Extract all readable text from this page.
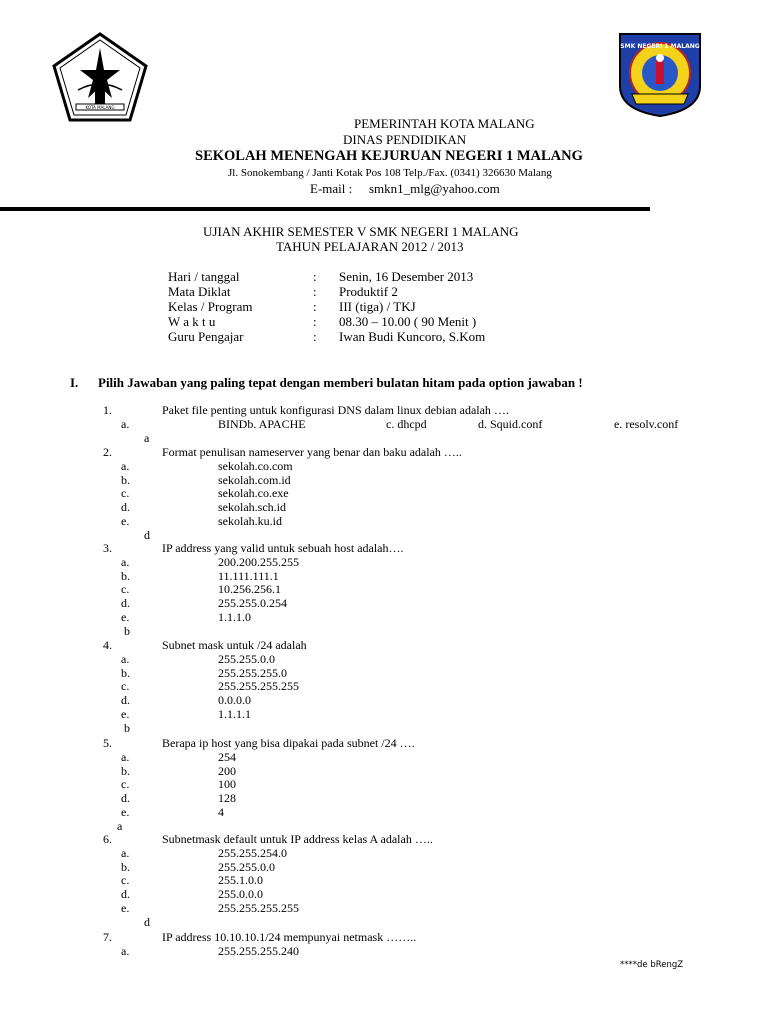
KOTA MALANG
SMK NEGERI 1 MALANG
PEMERINTAH KOTA MALANG
DINAS PENDIDIKAN
SEKOLAH MENENGAH KEJURUAN NEGERI 1 MALANG
Jl. Sonokembang / Janti Kotak Pos 108 Telp./Fax. (0341) 326630 Malang
E-mail : smkn1_mlg@yahoo.com
UJIAN AKHIR SEMESTER V SMK NEGERI 1 MALANG
TAHUN PELAJARAN 2012 / 2013
Hari / tanggal	: Senin, 16 Desember 2013
Mata Diklat	: Produktif 2
Kelas / Program	: III (tiga) / TKJ
W a k t u	: 08.30 – 10.00 ( 90 Menit )
Guru Pengajar	: Iwan Budi Kuncoro, S.Kom
I. Pilih Jawaban yang paling tepat dengan memberi bulatan hitam pada option jawaban !
1.	Paket file penting untuk konfigurasi DNS dalam linux debian adalah ….
a.	BINDb. APACHE	c. dhcpd	d. Squid.conf	e. resolv.conf
a
2.	Format penulisan nameserver yang benar dan baku adalah …..
a.	sekolah.co.com
b.	sekolah.com.id
c.	sekolah.co.exe
d.	sekolah.sch.id
e.	sekolah.ku.id
d
3.	IP address yang valid untuk sebuah host adalah….
a.	200.200.255.255
b.	11.111.111.1
c.	10.256.256.1
d.	255.255.0.254
e.	1.1.1.0
b
4.	Subnet mask untuk /24 adalah
a.	255.255.0.0
b.	255.255.255.0
c.	255.255.255.255
d.	0.0.0.0
e.	1.1.1.1
b
5.	Berapa ip host yang bisa dipakai pada subnet /24 ….
a.	254
b.	200
c.	100
d.	128
e.	4
a
6.	Subnetmask default untuk IP address kelas A adalah …..
a.	255.255.254.0
b.	255.255.0.0
c.	255.1.0.0
d.	255.0.0.0
e.	255.255.255.255
d
7.	IP address 10.10.10.1/24 mempunyai netmask ……..
a.	255.255.255.240
****de bRengZ
